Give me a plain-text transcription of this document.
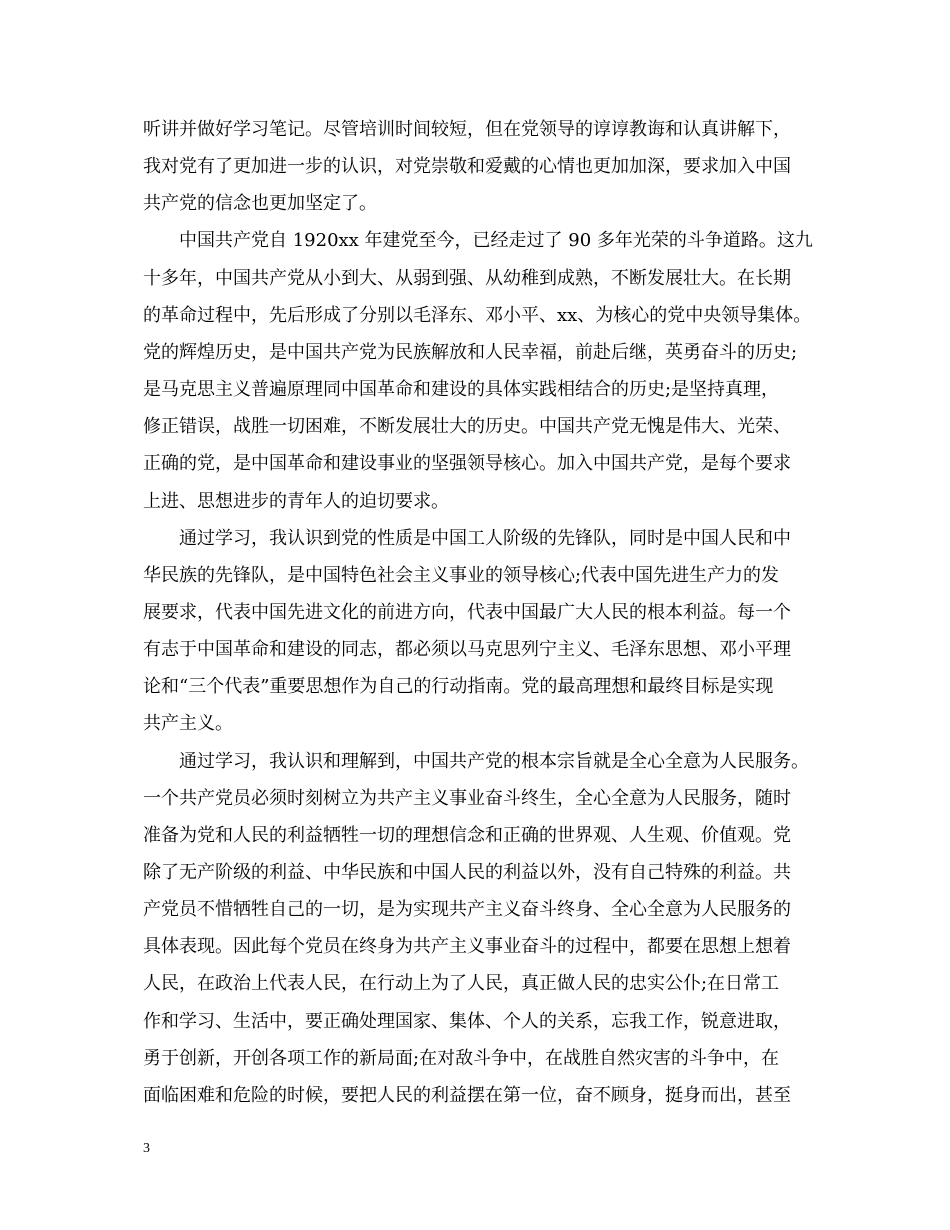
听讲并做好学习笔记。尽管培训时间较短，但在党领导的谆谆教诲和认真讲解下，
我对党有了更加进一步的认识，对党崇敬和爱戴的心情也更加加深，要求加入中国
共产党的信念也更加坚定了。
　　中国共产党自 1920xx 年建党至今，已经走过了 90 多年光荣的斗争道路。这九
十多年，中国共产党从小到大、从弱到强、从幼稚到成熟，不断发展壮大。在长期
的革命过程中，先后形成了分别以毛泽东、邓小平、xx、为核心的党中央领导集体。
党的辉煌历史，是中国共产党为民族解放和人民幸福，前赴后继，英勇奋斗的历史;
是马克思主义普遍原理同中国革命和建设的具体实践相结合的历史;是坚持真理，
修正错误，战胜一切困难，不断发展壮大的历史。中国共产党无愧是伟大、光荣、
正确的党，是中国革命和建设事业的坚强领导核心。加入中国共产党，是每个要求
上进、思想进步的青年人的迫切要求。
　　通过学习，我认识到党的性质是中国工人阶级的先锋队，同时是中国人民和中
华民族的先锋队，是中国特色社会主义事业的领导核心;代表中国先进生产力的发
展要求，代表中国先进文化的前进方向，代表中国最广大人民的根本利益。每一个
有志于中国革命和建设的同志，都必须以马克思列宁主义、毛泽东思想、邓小平理
论和“三个代表”重要思想作为自己的行动指南。党的最高理想和最终目标是实现
共产主义。
　　通过学习，我认识和理解到，中国共产党的根本宗旨就是全心全意为人民服务。
一个共产党员必须时刻树立为共产主义事业奋斗终生，全心全意为人民服务，随时
准备为党和人民的利益牺牲一切的理想信念和正确的世界观、人生观、价值观。党
除了无产阶级的利益、中华民族和中国人民的利益以外，没有自己特殊的利益。共
产党员不惜牺牲自己的一切，是为实现共产主义奋斗终身、全心全意为人民服务的
具体表现。因此每个党员在终身为共产主义事业奋斗的过程中，都要在思想上想着
人民，在政治上代表人民，在行动上为了人民，真正做人民的忠实公仆;在日常工
作和学习、生活中，要正确处理国家、集体、个人的关系，忘我工作，锐意进取，
勇于创新，开创各项工作的新局面;在对敌斗争中，在战胜自然灾害的斗争中，在
面临困难和危险的时候，要把人民的利益摆在第一位，奋不顾身，挺身而出，甚至
3
